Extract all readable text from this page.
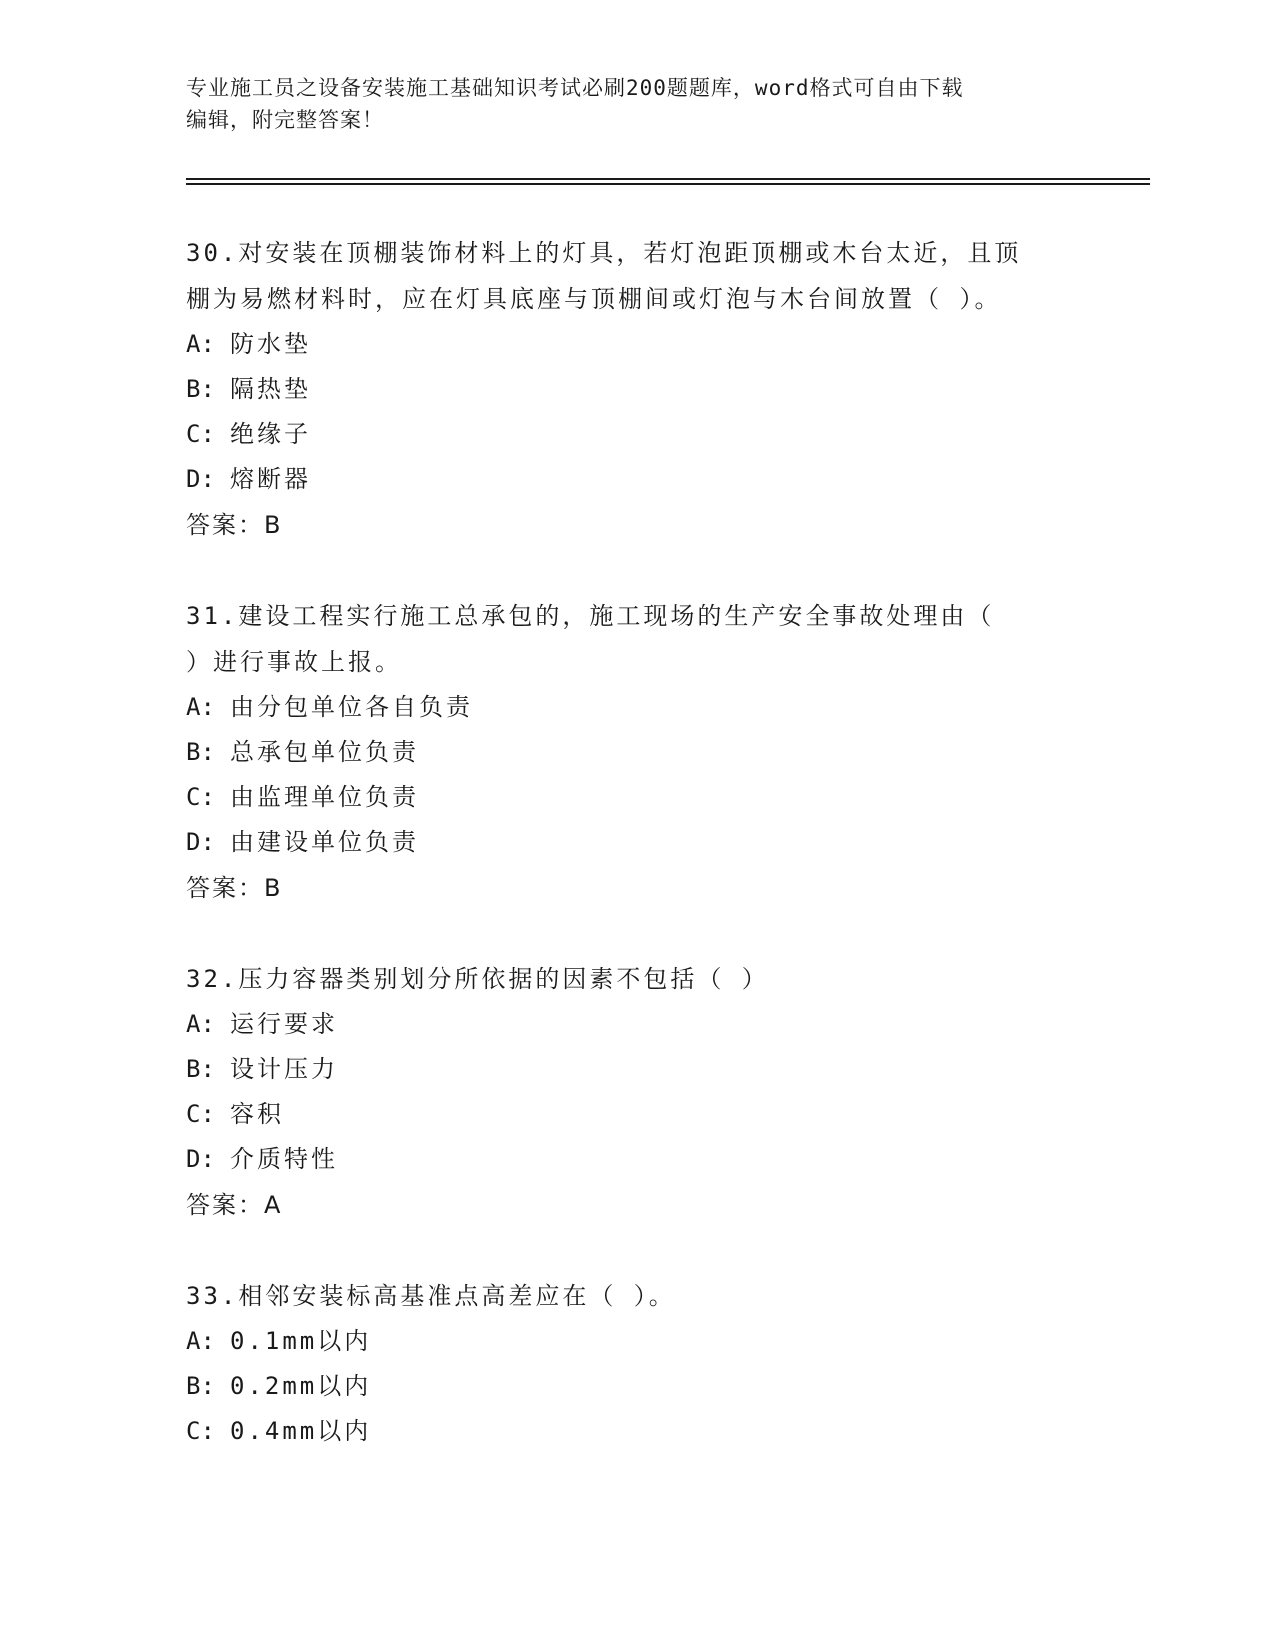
专业施工员之设备安装施工基础知识考试必刷200题题库，word格式可自由下载
编辑，附完整答案！

30.对安装在顶棚装饰材料上的灯具，若灯泡距顶棚或木台太近，且顶

棚为易燃材料时，应在灯具底座与顶棚间或灯泡与木台间放置（ ）。

A: 防水垫

B: 隔热垫

C: 绝缘子

D: 熔断器

答案：B

31.建设工程实行施工总承包的，施工现场的生产安全事故处理由（

）进行事故上报。

A: 由分包单位各自负责

B: 总承包单位负责

C: 由监理单位负责

D: 由建设单位负责

答案：B

32.压力容器类别划分所依据的因素不包括（ ）

A: 运行要求

B: 设计压力

C: 容积

D: 介质特性

答案：A

33.相邻安装标高基准点高差应在（ ）。

A: 0.1mm以内

B: 0.2mm以内

C: 0.4mm以内
